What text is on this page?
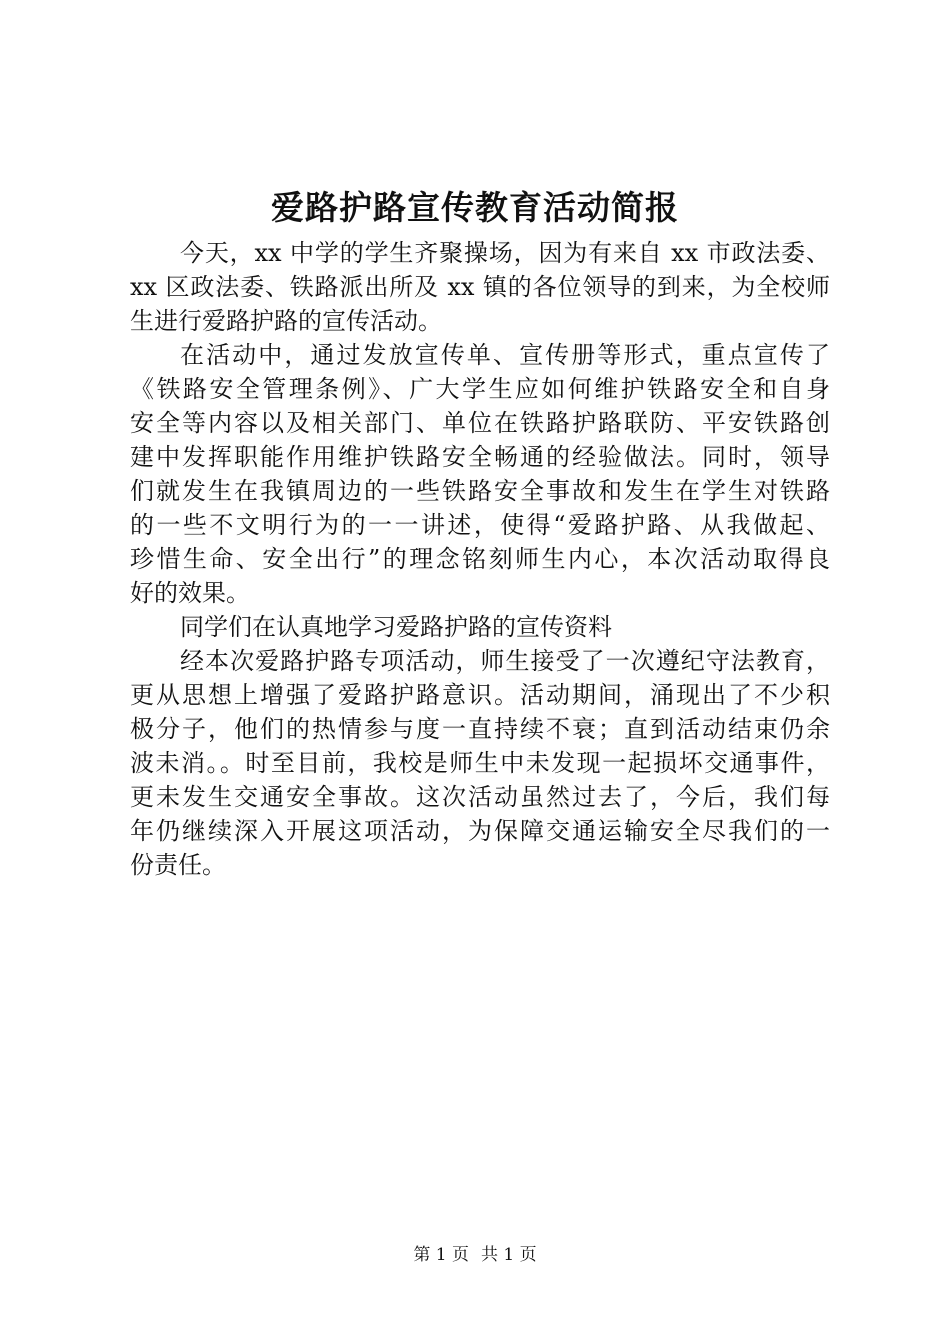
爱路护路宣传教育活动简报
今天，xx 中学的学生齐聚操场，因为有来自 xx 市政法委、
xx 区政法委、铁路派出所及 xx 镇的各位领导的到来，为全校师
生进行爱路护路的宣传活动。
在活动中，通过发放宣传单、宣传册等形式，重点宣传了
《铁路安全管理条例》、广大学生应如何维护铁路安全和自身
安全等内容以及相关部门、单位在铁路护路联防、平安铁路创
建中发挥职能作用维护铁路安全畅通的经验做法。同时，领导
们就发生在我镇周边的一些铁路安全事故和发生在学生对铁路
的一些不文明行为的一一讲述，使得“爱路护路、从我做起、
珍惜生命、安全出行”的理念铭刻师生内心，本次活动取得良
好的效果。
同学们在认真地学习爱路护路的宣传资料
经本次爱路护路专项活动，师生接受了一次遵纪守法教育，
更从思想上增强了爱路护路意识。活动期间，涌现出了不少积
极分子，他们的热情参与度一直持续不衰；直到活动结束仍余
波未消。。时至目前，我校是师生中未发现一起损坏交通事件，
更未发生交通安全事故。这次活动虽然过去了，今后，我们每
年仍继续深入开展这项活动，为保障交通运输安全尽我们的一
份责任。
第 1 页 共 1 页
